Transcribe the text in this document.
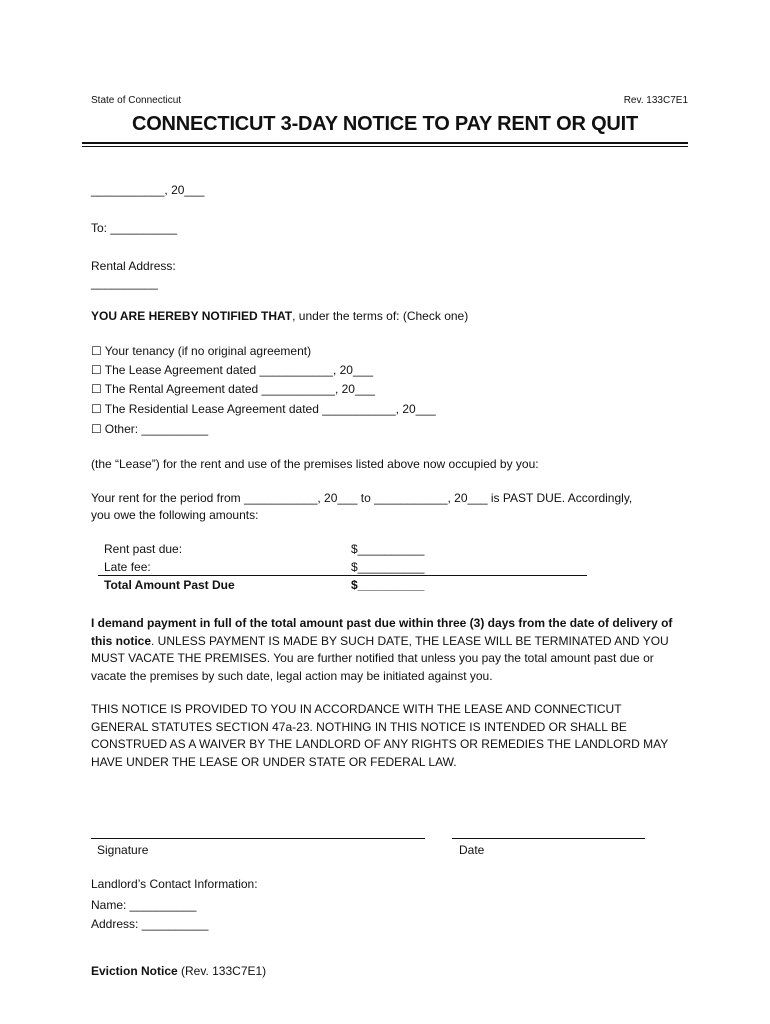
State of Connecticut	Rev. 133C7E1
CONNECTICUT 3-DAY NOTICE TO PAY RENT OR QUIT
___________, 20___
To: __________
Rental Address:
__________
YOU ARE HEREBY NOTIFIED THAT, under the terms of: (Check one)
☐ Your tenancy (if no original agreement)
☐ The Lease Agreement dated ___________, 20___
☐ The Rental Agreement dated ___________, 20___
☐ The Residential Lease Agreement dated ___________, 20___
☐ Other: __________
(the “Lease”) for the rent and use of the premises listed above now occupied by you:
Your rent for the period from ___________, 20___ to ___________, 20___ is PAST DUE. Accordingly,
you owe the following amounts:
Rent past due:	$__________
Late fee:	$__________
Total Amount Past Due	$__________
I demand payment in full of the total amount past due within three (3) days from the date of delivery of this notice. UNLESS PAYMENT IS MADE BY SUCH DATE, THE LEASE WILL BE TERMINATED AND YOU MUST VACATE THE PREMISES. You are further notified that unless you pay the total amount past due or vacate the premises by such date, legal action may be initiated against you.
THIS NOTICE IS PROVIDED TO YOU IN ACCORDANCE WITH THE LEASE AND CONNECTICUT GENERAL STATUTES SECTION 47a-23. NOTHING IN THIS NOTICE IS INTENDED OR SHALL BE CONSTRUED AS A WAIVER BY THE LANDLORD OF ANY RIGHTS OR REMEDIES THE LANDLORD MAY HAVE UNDER THE LEASE OR UNDER STATE OR FEDERAL LAW.
Signature	Date
Landlord’s Contact Information:
Name: __________
Address: __________
Eviction Notice (Rev. 133C7E1)
